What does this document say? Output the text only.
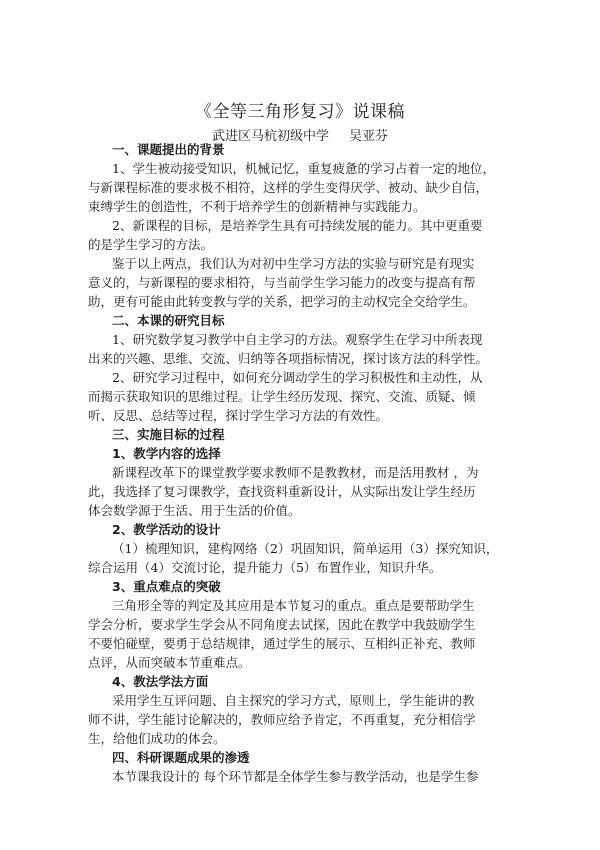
《全等三角形复习》说课稿
武进区马杭初级中学 吴亚芬
一、课题提出的背景
1、学生被动接受知识，机械记忆，重复疲惫的学习占着一定的地位，
与新课程标准的要求极不相符，这样的学生变得厌学、被动、缺少自信，
束缚学生的创造性，不利于培养学生的创新精神与实践能力。
2、新课程的目标，是培养学生具有可持续发展的能力。其中更重要
的是学生学习的方法。
鉴于以上两点，我们认为对初中生学习方法的实验与研究是有现实
意义的，与新课程的要求相符，与当前学生学习能力的改变与提高有帮
助，更有可能由此转变教与学的关系，把学习的主动权完全交给学生。
二、本课的研究目标
1、研究数学复习教学中自主学习的方法。观察学生在学习中所表现
出来的兴趣、思维、交流、归纳等各项指标情况，探讨该方法的科学性。
2、研究学习过程中，如何充分调动学生的学习积极性和主动性，从
而揭示获取知识的思维过程。让学生经历发现、探究、交流、质疑、倾
听、反思、总结等过程，探讨学生学习方法的有效性。
三、实施目标的过程
1、教学内容的选择
新课程改革下的课堂教学要求教师不是教教材，而是活用教材 ，为
此，我选择了复习课教学，查找资料重新设计，从实际出发让学生经历
体会数学源于生活、用于生活的价值。
2、教学活动的设计
（1）梳理知识，建构网络（2）巩固知识，简单运用（3）探究知识，
综合运用（4）交流讨论，提升能力（5）布置作业，知识升华。
3、重点难点的突破
三角形全等的判定及其应用是本节复习的重点。重点是要帮助学生
学会分析，要求学生学会从不同角度去试探，因此在教学中我鼓励学生
不要怕碰壁，要勇于总结规律，通过学生的展示、互相纠正补充、教师
点评，从而突破本节重难点。
4、教法学法方面
采用学生互评问题、自主探究的学习方式，原则上，学生能讲的教
师不讲，学生能讨论解决的，教师应给予肯定，不再重复，充分相信学
生，给他们成功的体会。
四、科研课题成果的渗透
本节课我设计的 每个环节都是全体学生参与教学活动，也是学生参
